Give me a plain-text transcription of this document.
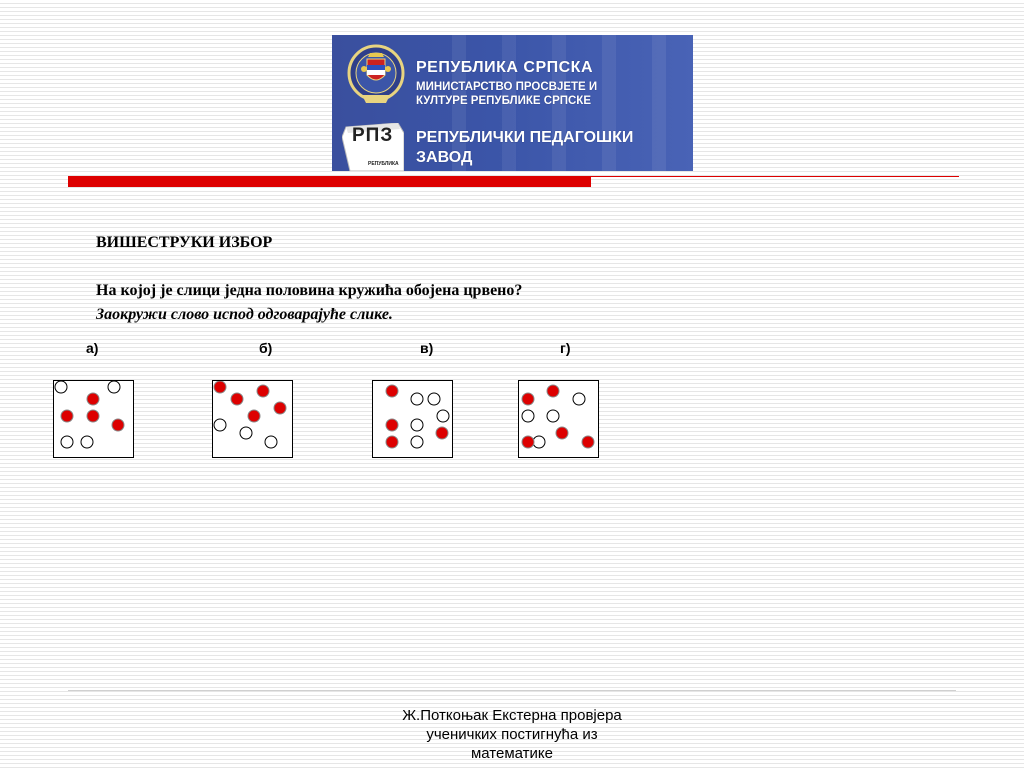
РПЗ
РЕПУБЛИКА
РЕПУБЛИКА СРПСКА
МИНИСТАРСТВО ПРОСВЈЕТЕ И
КУЛТУРЕ РЕПУБЛИКЕ СРПСКЕ
РЕПУБЛИЧКИ ПЕДАГОШКИ
ЗАВОД
ВИШЕСТРУКИ ИЗБОР
На којој је слици једна половина кружића обојена црвено?
Заокружи слово испод одговарајуће слике.
а)	б)	в)	г)
Ж.Поткоњак Екстерна провјера
ученичких постигнућа из
математике
